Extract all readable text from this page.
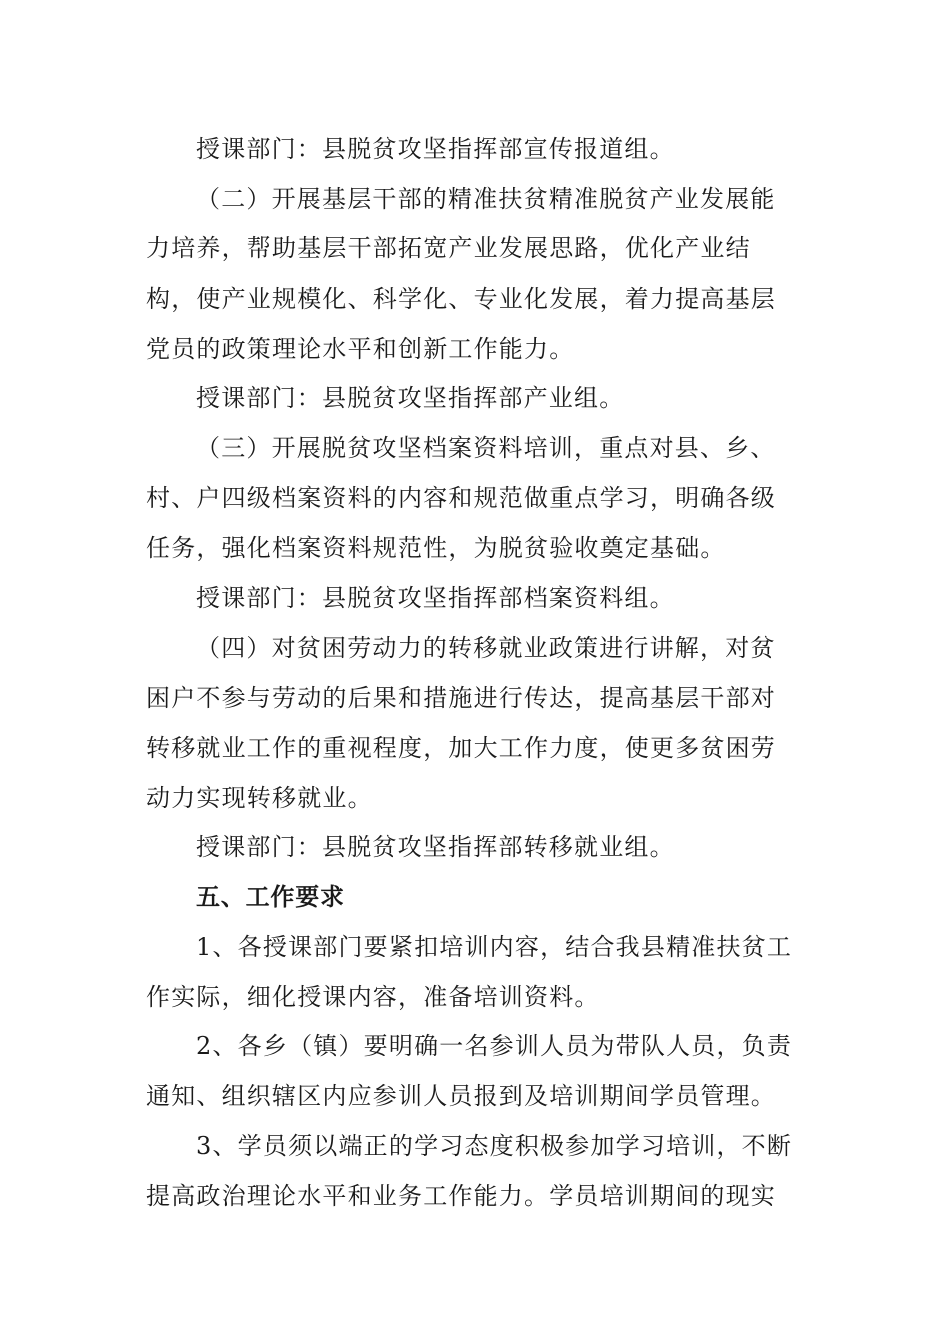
授课部门：县脱贫攻坚指挥部宣传报道组。
（二）开展基层干部的精准扶贫精准脱贫产业发展能
力培养，帮助基层干部拓宽产业发展思路，优化产业结
构，使产业规模化、科学化、专业化发展，着力提高基层
党员的政策理论水平和创新工作能力。
授课部门：县脱贫攻坚指挥部产业组。
（三）开展脱贫攻坚档案资料培训，重点对县、乡、
村、户四级档案资料的内容和规范做重点学习，明确各级
任务，强化档案资料规范性，为脱贫验收奠定基础。
授课部门：县脱贫攻坚指挥部档案资料组。
（四）对贫困劳动力的转移就业政策进行讲解，对贫
困户不参与劳动的后果和措施进行传达，提高基层干部对
转移就业工作的重视程度，加大工作力度，使更多贫困劳
动力实现转移就业。
授课部门：县脱贫攻坚指挥部转移就业组。
五、工作要求
1、各授课部门要紧扣培训内容，结合我县精准扶贫工
作实际，细化授课内容，准备培训资料。
2、各乡（镇）要明确一名参训人员为带队人员，负责
通知、组织辖区内应参训人员报到及培训期间学员管理。
3、学员须以端正的学习态度积极参加学习培训，不断
提高政治理论水平和业务工作能力。学员培训期间的现实
